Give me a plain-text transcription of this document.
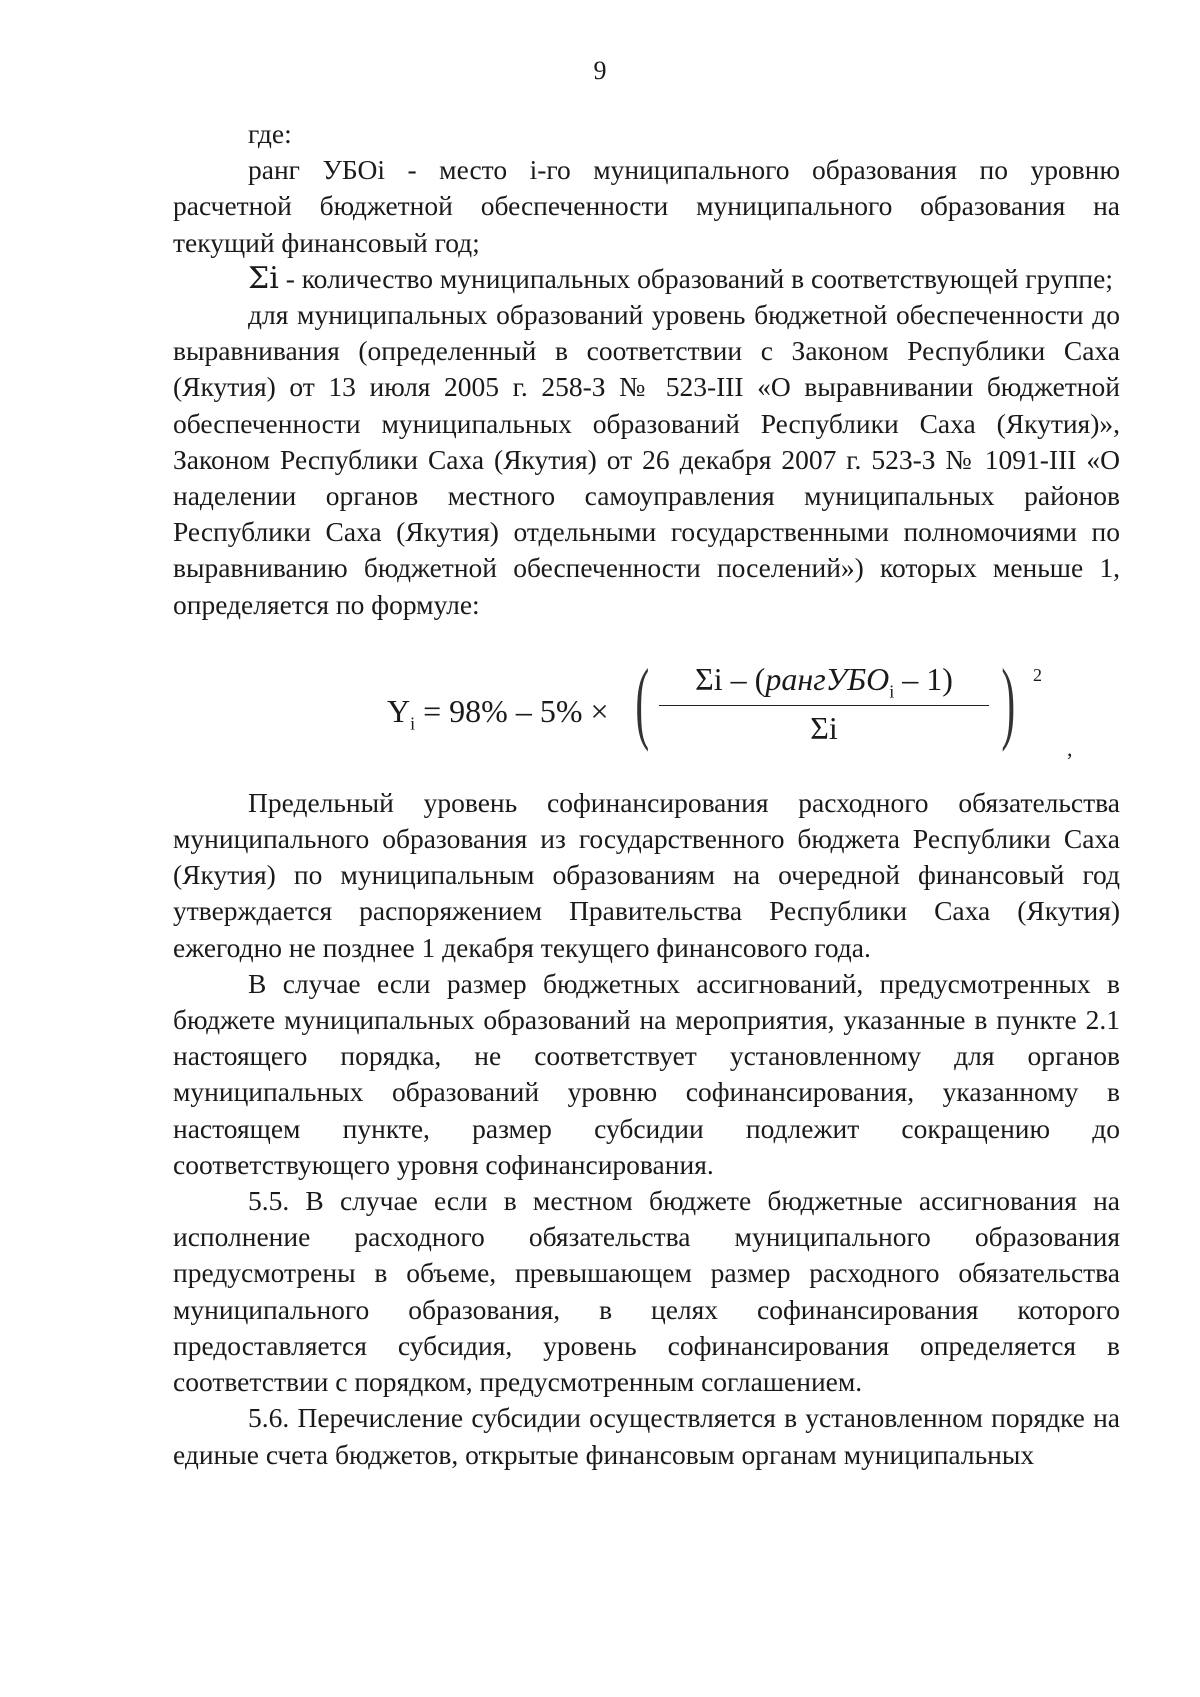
9

где:

ранг УБОi - место i-го муниципального образования по уровню расчетной бюджетной обеспеченности муниципального образования на текущий финансовый год;

Σi - количество муниципальных образований в соответствующей группе;

для муниципальных образований уровень бюджетной обеспеченности до выравнивания (определенный в соответствии с Законом Республики Саха (Якутия) от 13 июля 2005 г. 258-З № 523-III «О выравнивании бюджетной обеспеченности муниципальных образований Республики Саха (Якутия)», Законом Республики Саха (Якутия) от 26 декабря 2007 г. 523-З № 1091-III «О наделении органов местного самоуправления муниципальных районов Республики Саха (Якутия) отдельными государственными полномочиями по выравниванию бюджетной обеспеченности поселений») которых меньше 1, определяется по формуле:

$Y_i = 98\% - 5\%$ × (	Σi – (рангУБО$_i$ – 1)
Σi	) 2
,

Предельный уровень софинансирования расходного обязательства муниципального образования из государственного бюджета Республики Саха (Якутия) по муниципальным образованиям на очередной финансовый год утверждается распоряжением Правительства Республики Саха (Якутия) ежегодно не позднее 1 декабря текущего финансового года.

В случае если размер бюджетных ассигнований, предусмотренных в бюджете муниципальных образований на мероприятия, указанные в пункте 2.1 настоящего порядка, не соответствует установленному для органов муниципальных образований уровню софинансирования, указанному в настоящем пункте, размер субсидии подлежит сокращению до соответствующего уровня софинансирования.

5.5. В случае если в местном бюджете бюджетные ассигнования на исполнение расходного обязательства муниципального образования предусмотрены в объеме, превышающем размер расходного обязательства муниципального образования, в целях софинансирования которого предоставляется субсидия, уровень софинансирования определяется в соответствии с порядком, предусмотренным соглашением.

5.6. Перечисление субсидии осуществляется в установленном порядке на единые счета бюджетов, открытые финансовым органам муниципальных
